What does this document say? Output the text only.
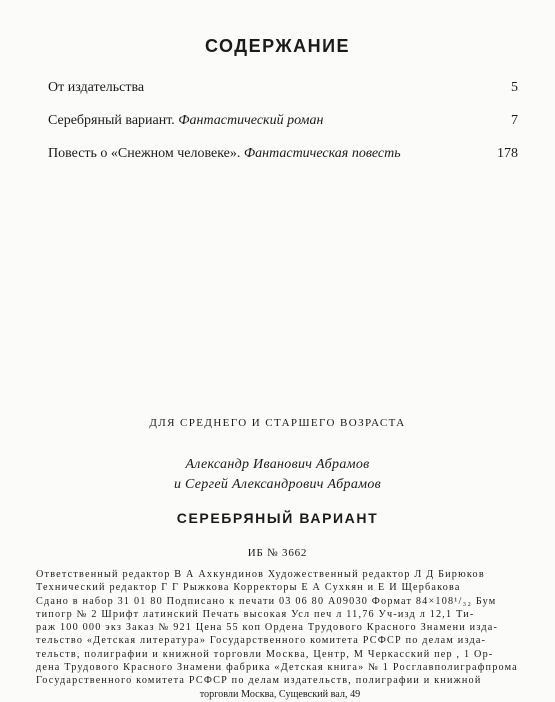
СОДЕРЖАНИЕ
От издательства	5
Серебряный вариант. Фантастический роман	7
Повесть о «Снежном человеке». Фантастическая повесть	178
ДЛЯ СРЕДНЕГО И СТАРШЕГО ВОЗРАСТА
Александр Иванович Абрамов
и Сергей Александрович Абрамов
СЕРЕБРЯНЫЙ ВАРИАНТ
ИБ № 3662
Ответственный редактор В А Ахкундинов Художественный редактор Л Д Бирюков
Технический редактор Г Г Рыжкова Корректоры Е А Сухкян и Е И Щербакова
Сдано в набор 31 01 80 Подписано к печати 03 06 80 А09030 Формат 84×108¹/₃₂ Бум
типогр № 2 Шрифт латинский Печать высокая Усл печ л 11,76 Уч-изд л 12,1 Ти-
раж 100 000 экз Заказ № 921 Цена 55 коп Ордена Трудового Красного Знамени изда-
тельство «Детская литература» Государственного комитета РСФСР по делам изда-
тельств, полиграфии и книжной торговли Москва, Центр, М Черкасский пер , 1 Ор-
дена Трудового Красного Знамени фабрика «Детская книга» № 1 Росглавполиграфпрома
Государственного комитета РСФСР по делам издательств, полиграфии и книжной
торговли Москва, Сущевский вал, 49
